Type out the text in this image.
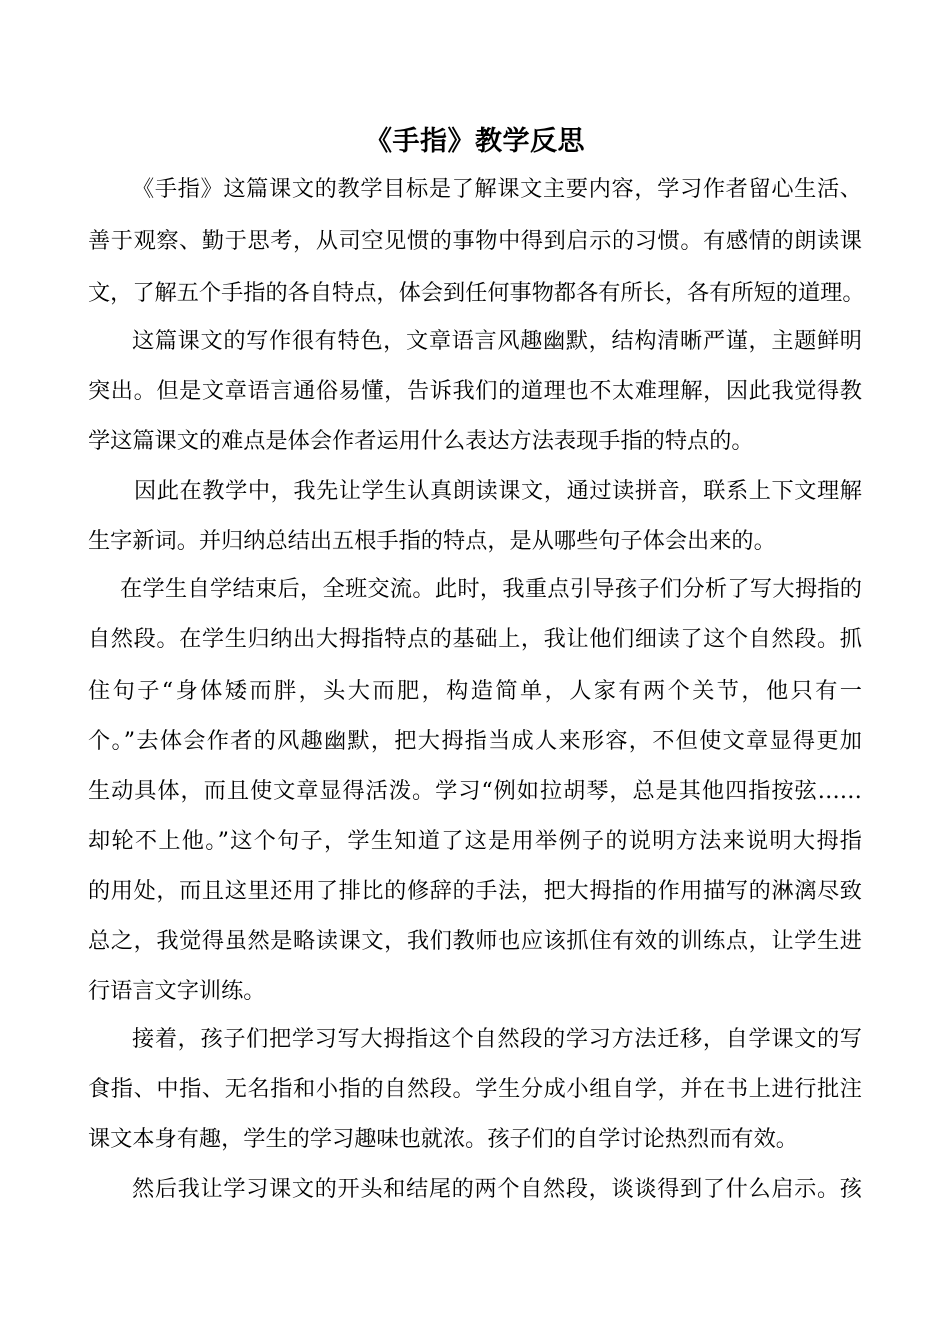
《手指》教学反思
《手指》这篇课文的教学目标是了解课文主要内容，学习作者留心生活、
善于观察、勤于思考，从司空见惯的事物中得到启示的习惯。有感情的朗读课
文，了解五个手指的各自特点，体会到任何事物都各有所长，各有所短的道理。
这篇课文的写作很有特色，文章语言风趣幽默，结构清晰严谨，主题鲜明
突出。但是文章语言通俗易懂，告诉我们的道理也不太难理解，因此我觉得教
学这篇课文的难点是体会作者运用什么表达方法表现手指的特点的。
因此在教学中，我先让学生认真朗读课文，通过读拼音，联系上下文理解
生字新词。并归纳总结出五根手指的特点，是从哪些句子体会出来的。
在学生自学结束后，全班交流。此时，我重点引导孩子们分析了写大拇指的
自然段。在学生归纳出大拇指特点的基础上，我让他们细读了这个自然段。抓
住句子“身体矮而胖，头大而肥，构造简单，人家有两个关节，他只有一
个。”去体会作者的风趣幽默，把大拇指当成人来形容，不但使文章显得更加
生动具体，而且使文章显得活泼。学习“例如拉胡琴，总是其他四指按弦……
却轮不上他。”这个句子，学生知道了这是用举例子的说明方法来说明大拇指
的用处，而且这里还用了排比的修辞的手法，把大拇指的作用描写的淋漓尽致
总之，我觉得虽然是略读课文，我们教师也应该抓住有效的训练点，让学生进
行语言文字训练。
接着，孩子们把学习写大拇指这个自然段的学习方法迁移，自学课文的写
食指、中指、无名指和小指的自然段。学生分成小组自学，并在书上进行批注
课文本身有趣，学生的学习趣味也就浓。孩子们的自学讨论热烈而有效。
然后我让学习课文的开头和结尾的两个自然段，谈谈得到了什么启示。孩
